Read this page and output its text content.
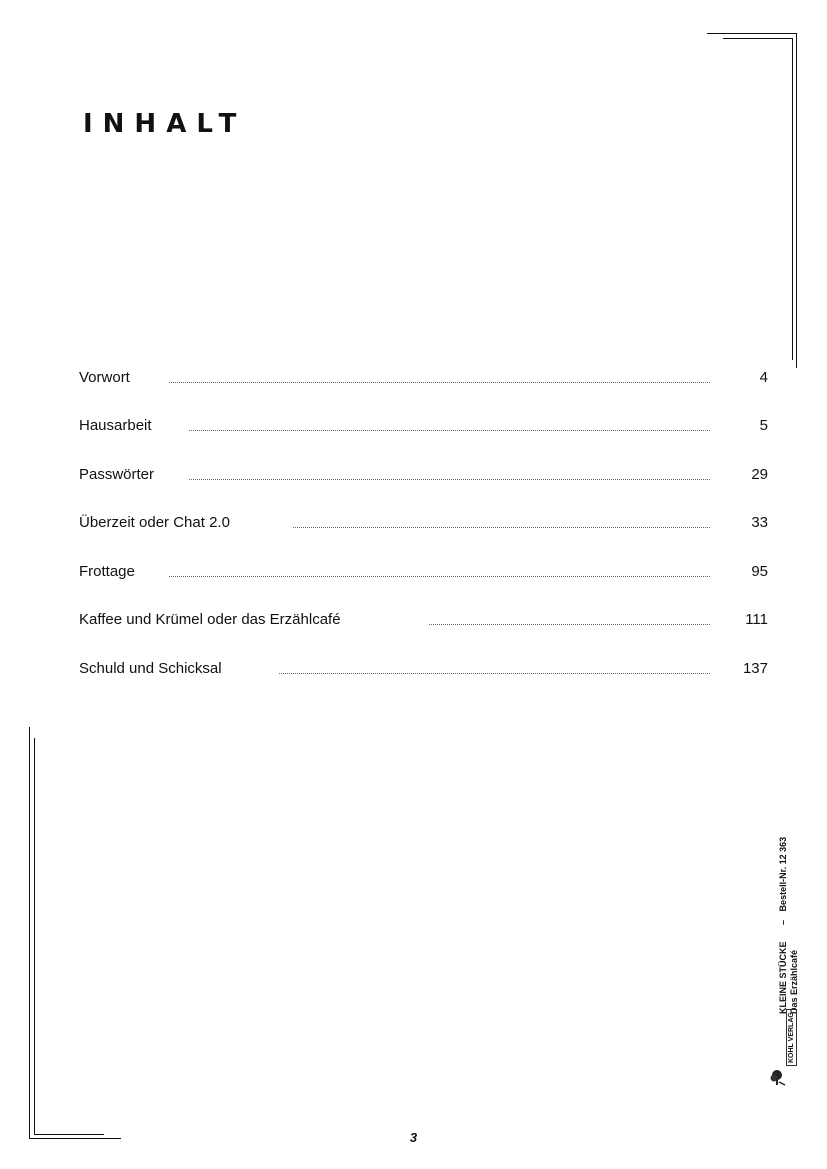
INHALT
Vorwort	4
Hausarbeit	5
Passwörter	29
Überzeit oder Chat 2.0	33
Frottage	95
Kaffee und Krümel oder das Erzählcafé	111
Schuld und Schicksal	137
KLEINE STÜCKE – Bestell-Nr. 12 363
Das Erzählcafé
KOHL VERLAG
3
